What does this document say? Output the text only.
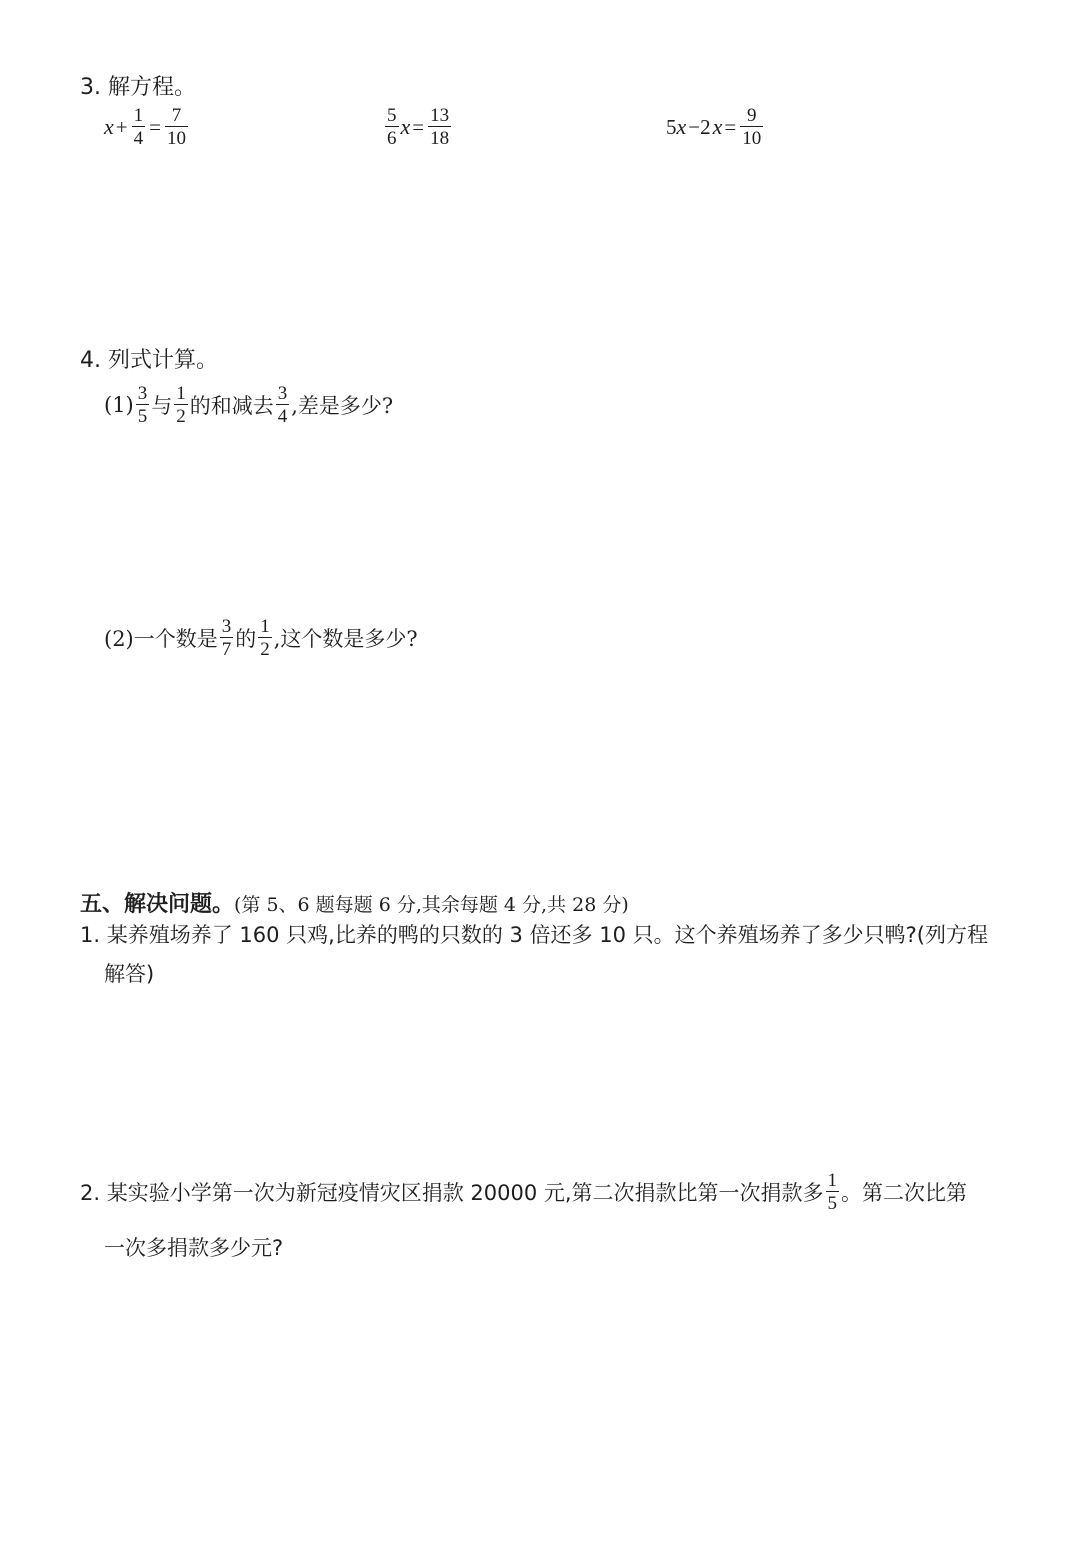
3. 解方程。
$x + \frac{1}{4} = \frac{7}{10}$	$\frac{5}{6}$ $x = \frac{13}{18}$	5 x −2 $x = \frac{9}{10}$
4. 列式计算。
$(1) \frac{3}{5}$ 与 $\frac{1}{2}$ 的和减去 $\frac{3}{4}$ ,差是多少?
(2)一个数是 $\frac{3}{7}$ 的 $\frac{1}{2}$ ,这个数是多少?
五、解决问题。(第 5、6 题每题 6 分,其余每题 4 分,共 28 分)
1. 某养殖场养了 160 只鸡,比养的鸭的只数的 3 倍还多 10 只。这个养殖场养了多少只鸭?(列方程
解答)
2. 某实验小学第一次为新冠疫情灾区捐款 20000 元,第二次捐款比第一次捐款多 $\frac{1}{5}$ 。第二次比第
一次多捐款多少元?
